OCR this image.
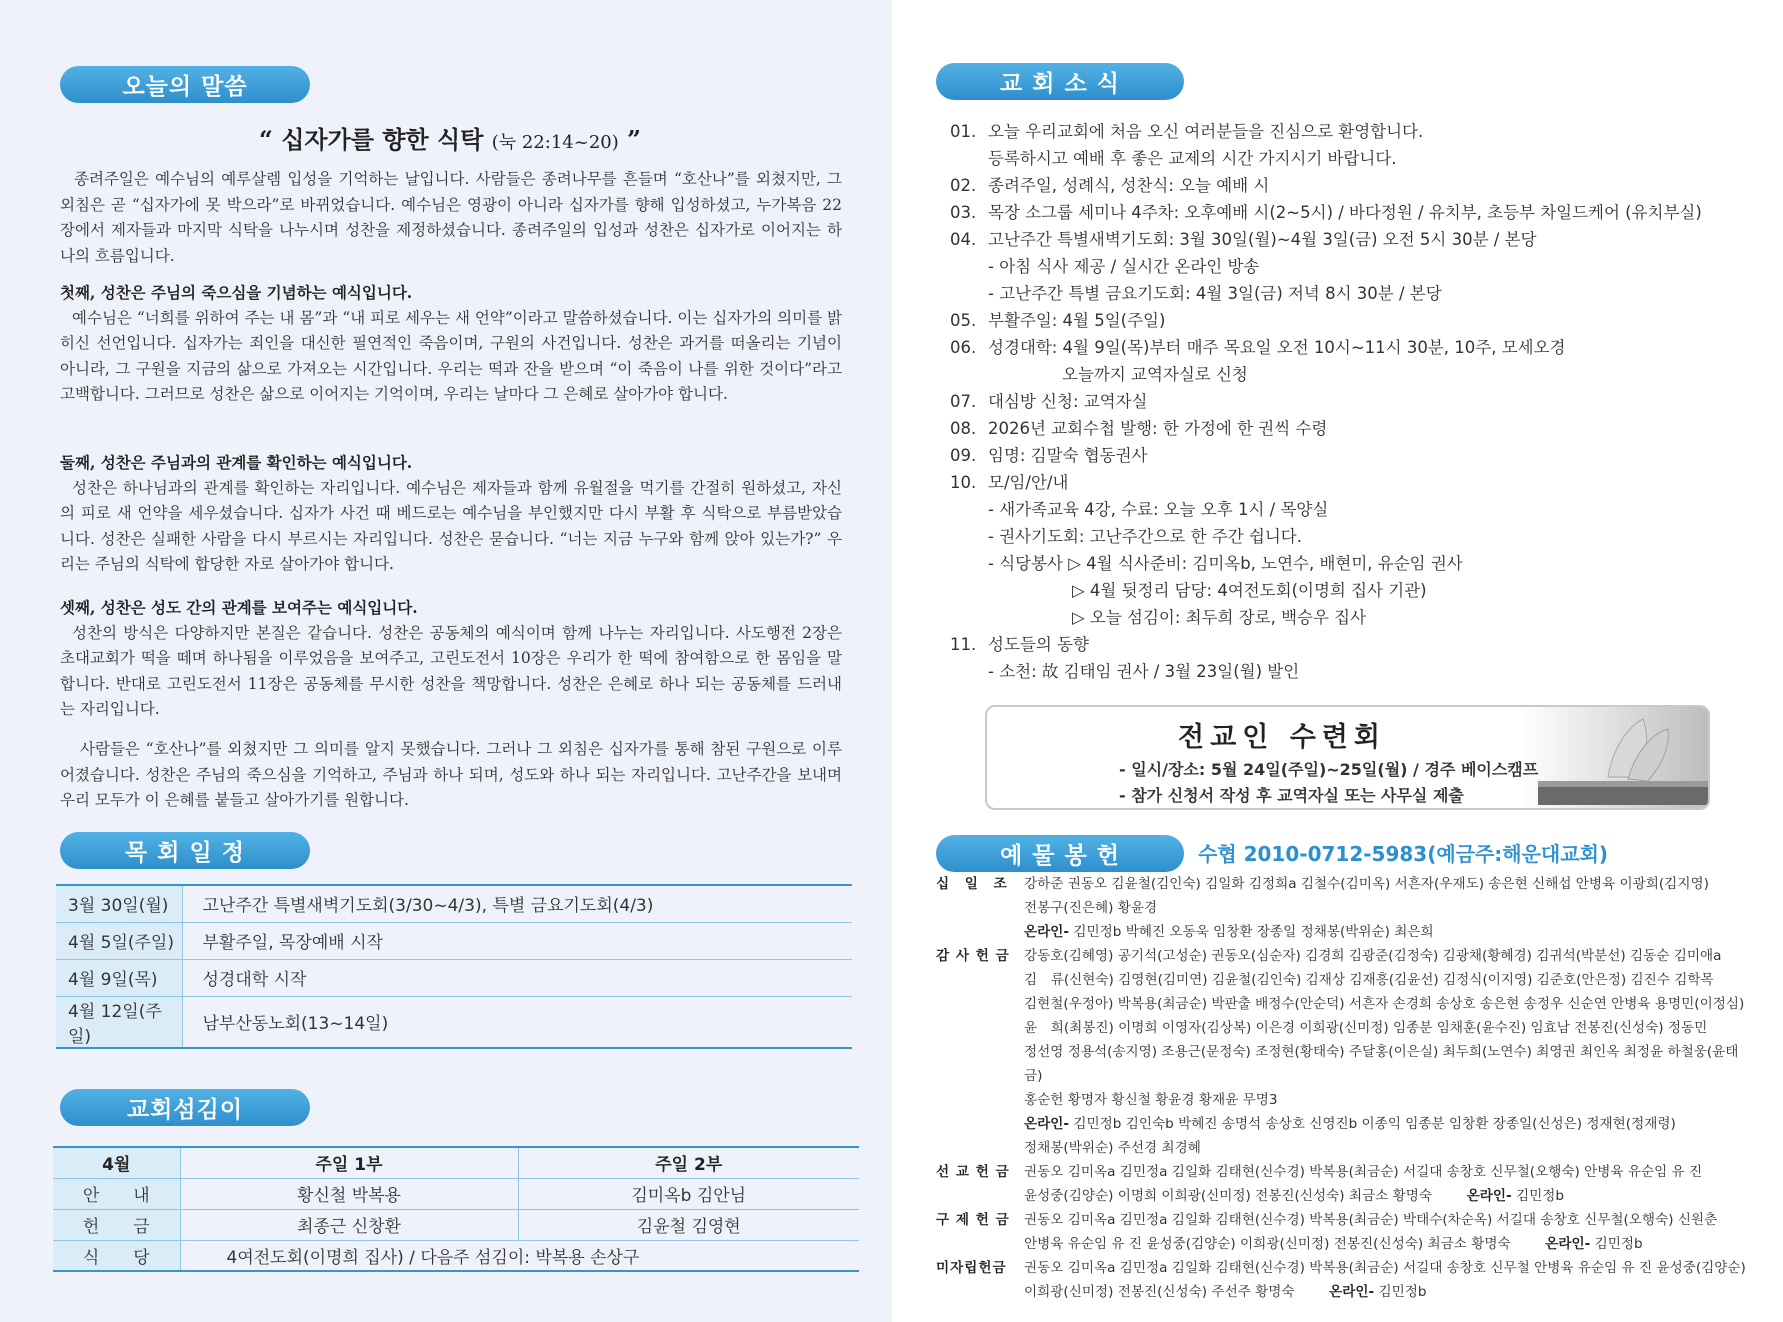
오늘의 말씀
“ 십자가를 향한 식탁 (눅 22:14~20) ”
종려주일은 예수님의 예루살렘 입성을 기억하는 날입니다. 사람들은 종려나무를 흔들며 “호산나”를 외쳤지만, 그 외침은 곧 “십자가에 못 박으라”로 바뀌었습니다. 예수님은 영광이 아니라 십자가를 향해 입성하셨고, 누가복음 22장에서 제자들과 마지막 식탁을 나누시며 성찬을 제정하셨습니다. 종려주일의 입성과 성찬은 십자가로 이어지는 하나의 흐름입니다.
첫째, 성찬은 주님의 죽으심을 기념하는 예식입니다.
예수님은 “너희를 위하여 주는 내 몸”과 “내 피로 세우는 새 언약”이라고 말씀하셨습니다. 이는 십자가의 의미를 밝히신 선언입니다. 십자가는 죄인을 대신한 필연적인 죽음이며, 구원의 사건입니다. 성찬은 과거를 떠올리는 기념이 아니라, 그 구원을 지금의 삶으로 가져오는 시간입니다. 우리는 떡과 잔을 받으며 “이 죽음이 나를 위한 것이다”라고 고백합니다. 그러므로 성찬은 삶으로 이어지는 기억이며, 우리는 날마다 그 은혜로 살아가야 합니다.
둘째, 성찬은 주님과의 관계를 확인하는 예식입니다.
성찬은 하나님과의 관계를 확인하는 자리입니다. 예수님은 제자들과 함께 유월절을 먹기를 간절히 원하셨고, 자신의 피로 새 언약을 세우셨습니다. 십자가 사건 때 베드로는 예수님을 부인했지만 다시 부활 후 식탁으로 부름받았습니다. 성찬은 실패한 사람을 다시 부르시는 자리입니다. 성찬은 묻습니다. “너는 지금 누구와 함께 앉아 있는가?” 우리는 주님의 식탁에 합당한 자로 살아가야 합니다.
셋째, 성찬은 성도 간의 관계를 보여주는 예식입니다.
성찬의 방식은 다양하지만 본질은 같습니다. 성찬은 공동체의 예식이며 함께 나누는 자리입니다. 사도행전 2장은 초대교회가 떡을 떼며 하나됨을 이루었음을 보여주고, 고린도전서 10장은 우리가 한 떡에 참여함으로 한 몸임을 말합니다. 반대로 고린도전서 11장은 공동체를 무시한 성찬을 책망합니다. 성찬은 은혜로 하나 되는 공동체를 드러내는 자리입니다.
사람들은 “호산나”를 외쳤지만 그 의미를 알지 못했습니다. 그러나 그 외침은 십자가를 통해 참된 구원으로 이루어졌습니다. 성찬은 주님의 죽으심을 기억하고, 주님과 하나 되며, 성도와 하나 되는 자리입니다. 고난주간을 보내며 우리 모두가 이 은혜를 붙들고 살아가기를 원합니다.
목 회 일 정
3월 30일(월)	고난주간 특별새벽기도회(3/30~4/3), 특별 금요기도회(4/3)
4월 5일(주일)	부활주일, 목장예배 시작
4월 9일(목)	성경대학 시작
4월 12일(주일)	남부산동노회(13~14일)
교회섬김이
4월	주일 1부	주일 2부
안　　내	황신철 박복용	김미옥b 김안님
헌　　금	최종근 신창환	김윤철 김영현
식　　당	4여전도회(이명희 집사) / 다음주 섬김이: 박복용 손상구	
교 회 소 식
01. 오늘 우리교회에 처음 오신 여러분들을 진심으로 환영합니다.
등록하시고 예배 후 좋은 교제의 시간 가지시기 바랍니다.
02. 종려주일, 성례식, 성찬식: 오늘 예배 시
03. 목장 소그룹 세미나 4주차: 오후예배 시(2~5시) / 바다정원 / 유치부, 초등부 차일드케어 (유치부실)
04. 고난주간 특별새벽기도회: 3월 30일(월)~4월 3일(금) 오전 5시 30분 / 본당
- 아침 식사 제공 / 실시간 온라인 방송
- 고난주간 특별 금요기도회: 4월 3일(금) 저녁 8시 30분 / 본당
05. 부활주일: 4월 5일(주일)
06. 성경대학: 4월 9일(목)부터 매주 목요일 오전 10시~11시 30분, 10주, 모세오경
오늘까지 교역자실로 신청
07. 대심방 신청: 교역자실
08. 2026년 교회수첩 발행: 한 가정에 한 권씩 수령
09. 임명: 김말숙 협동권사
10. 모/임/안/내
- 새가족교육 4강, 수료: 오늘 오후 1시 / 목양실
- 권사기도회: 고난주간으로 한 주간 쉽니다.
- 식당봉사 ▷ 4월 식사준비: 김미옥b, 노연수, 배현미, 유순임 권사
▷ 4월 뒷정리 담당: 4여전도회(이명희 집사 기관)
▷ 오늘 섬김이: 최두희 장로, 백승우 집사
11. 성도들의 동향
- 소천: 故 김태임 권사 / 3월 23일(월) 발인
전교인 수련회
- 일시/장소: 5월 24일(주일)~25일(월) / 경주 베이스캠프
- 참가 신청서 작성 후 교역자실 또는 사무실 제출
예 물 봉 헌	수협 2010-0712-5983(예금주:해운대교회)
십　일　조	강하준 권동오 김윤철(김인숙) 김일화 김정희a 김철수(김미옥) 서흔자(우재도) 송은현 신해섭 안병육 이광희(김지영)
전봉구(진은혜) 황윤경
온라인- 김민정b 박혜진 오동욱 임창환 장종일 정채봉(박위순) 최은희
감 사 헌 금	강동호(김혜영) 공기석(고성순) 권동오(심순자) 김경희 김광준(김정숙) 김광채(황혜경) 김귀석(박분선) 김동순 김미애a
김　류(신현숙) 김영현(김미연) 김윤철(김인숙) 김재상 김재흥(김윤선) 김정식(이지영) 김준호(안은정) 김진수 김학목
김현철(우정아) 박복용(최금순) 박판출 배정수(안순덕) 서흔자 손경희 송상호 송은현 송정우 신순연 안병육 용명민(이정심)
윤　희(최봉진) 이명희 이영자(김상복) 이은경 이희광(신미정) 임종분 임채훈(윤수진) 임효남 전봉진(신성숙) 정동민
정선영 정용석(송지영) 조용근(문정숙) 조정현(황태숙) 주달홍(이은실) 최두희(노연수) 최영권 최인옥 최정윤 하철웅(윤태금)
홍순헌 황명자 황신철 황윤경 황재윤 무명3
온라인- 김민정b 김인숙b 박혜진 송명석 송상호 신영진b 이종익 임종분 임창환 장종일(신성은) 정재현(정재령)
정채봉(박위순) 주선경 최경혜
선 교 헌 금	권동오 김미옥a 김민정a 김일화 김태현(신수경) 박복용(최금순) 서길대 송창호 신무철(오행숙) 안병육 유순임 유 진
윤성중(김양순) 이명희 이희광(신미정) 전봉진(신성숙) 최금소 황명숙	온라인- 김민정b
구 제 헌 금	권동오 김미옥a 김민정a 김일화 김태현(신수경) 박복용(최금순) 박태수(차순옥) 서길대 송창호 신무철(오행숙) 신원춘
안병육 유순임 유 진 윤성중(김양순) 이희광(신미정) 전봉진(신성숙) 최금소 황명숙	온라인- 김민정b
미자립헌금	권동오 김미옥a 김민정a 김일화 김태현(신수경) 박복용(최금순) 서길대 송창호 신무철 안병육 유순임 유 진 윤성중(김양순)
이희광(신미정) 전봉진(신성숙) 주선주 황명숙	온라인- 김민정b
